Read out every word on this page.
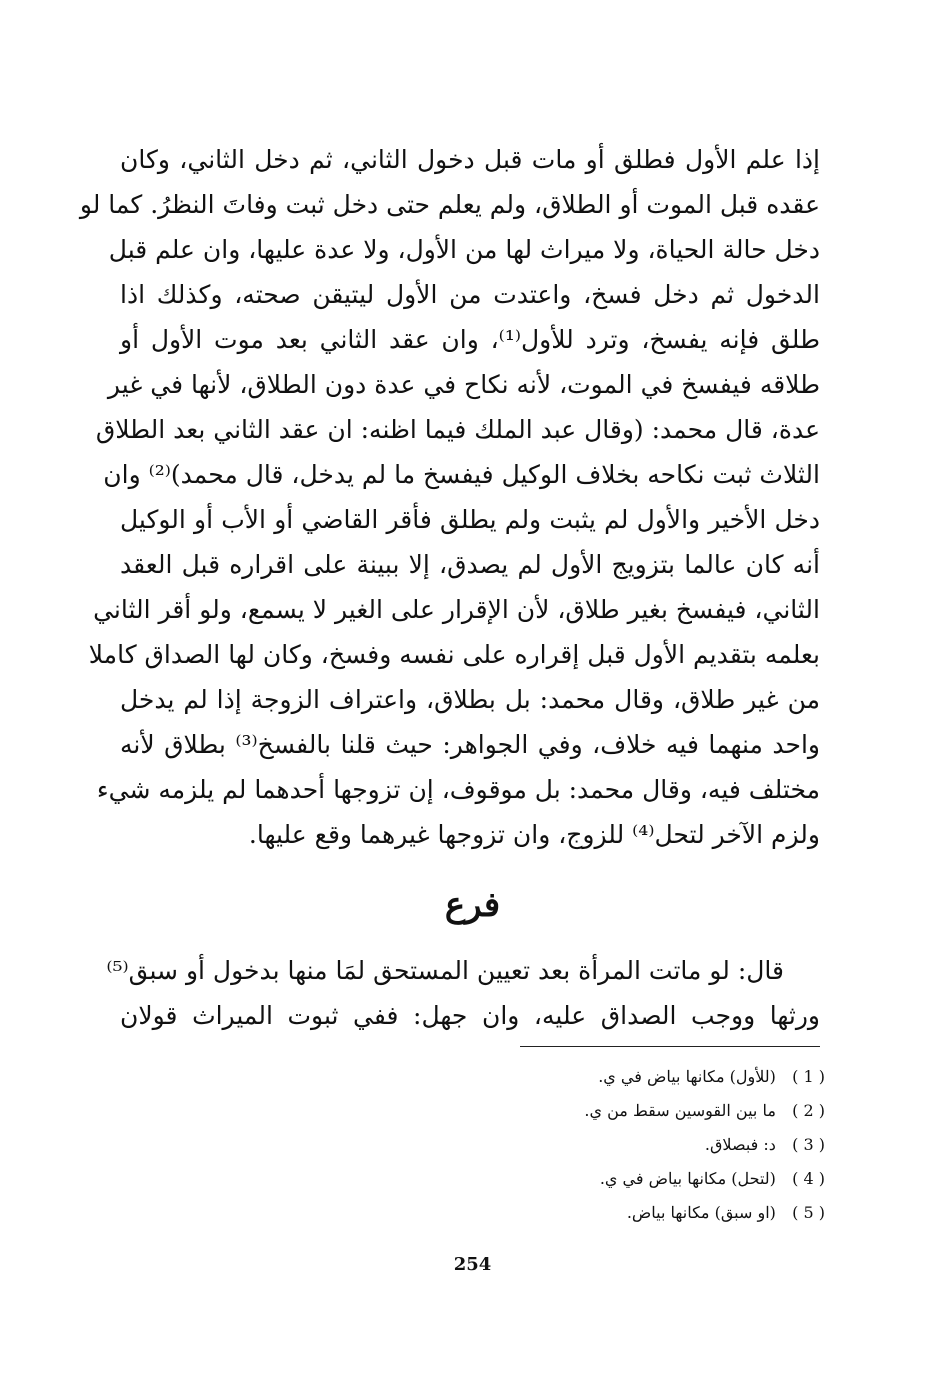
إذا علم الأول فطلق أو مات قبل دخول الثاني، ثم دخل الثاني، وكان
عقده قبل الموت أو الطلاق، ولم يعلم حتى دخل ثبت وفاتَ النظرُ. كما لو
دخل حالة الحياة، ولا ميراث لها من الأول، ولا عدة عليها، وان علم قبل
الدخول ثم دخل فسخ، واعتدت من الأول ليتيقن صحته، وكذلك اذا
طلق فإنه يفسخ، وترد للأول⁽¹⁾، وان عقد الثاني بعد موت الأول أو
طلاقه فيفسخ في الموت، لأنه نكاح في عدة دون الطلاق، لأنها في غير
عدة، قال محمد: (وقال عبد الملك فيما اظنه: ان عقد الثاني بعد الطلاق
الثلاث ثبت نكاحه بخلاف الوكيل فيفسخ ما لم يدخل، قال محمد)⁽²⁾ وان
دخل الأخير والأول لم يثبت ولم يطلق فأقر القاضي أو الأب أو الوكيل
أنه كان عالما بتزويج الأول لم يصدق، إلا ببينة على اقراره قبل العقد
الثاني، فيفسخ بغير طلاق، لأن الإقرار على الغير لا يسمع، ولو أقر الثاني
بعلمه بتقديم الأول قبل إقراره على نفسه وفسخ، وكان لها الصداق كاملا
من غير طلاق، وقال محمد: بل بطلاق، واعتراف الزوجة إذا لم يدخل
واحد منهما فيه خلاف، وفي الجواهر: حيث قلنا بالفسخ⁽³⁾ بطلاق لأنه
مختلف فيه، وقال محمد: بل موقوف، إن تزوجها أحدهما لم يلزمه شيء
ولزم الآخر لتحل⁽⁴⁾ للزوج، وان تزوجها غيرهما وقع عليها.
فرع
قال: لو ماتت المرأة بعد تعيين المستحق لمَا منها بدخول أو سبق⁽⁵⁾
ورثها ووجب الصداق عليه، وان جهل: ففي ثبوت الميراث قولان
( 1 ) (للأول) مكانها بياض في ي.
( 2 ) ما بين القوسين سقط من ي.
( 3 ) د: فبصلاق.
( 4 ) (لتحل) مكانها بياض في ي.
( 5 ) (او سبق) مكانها بياض.
254
